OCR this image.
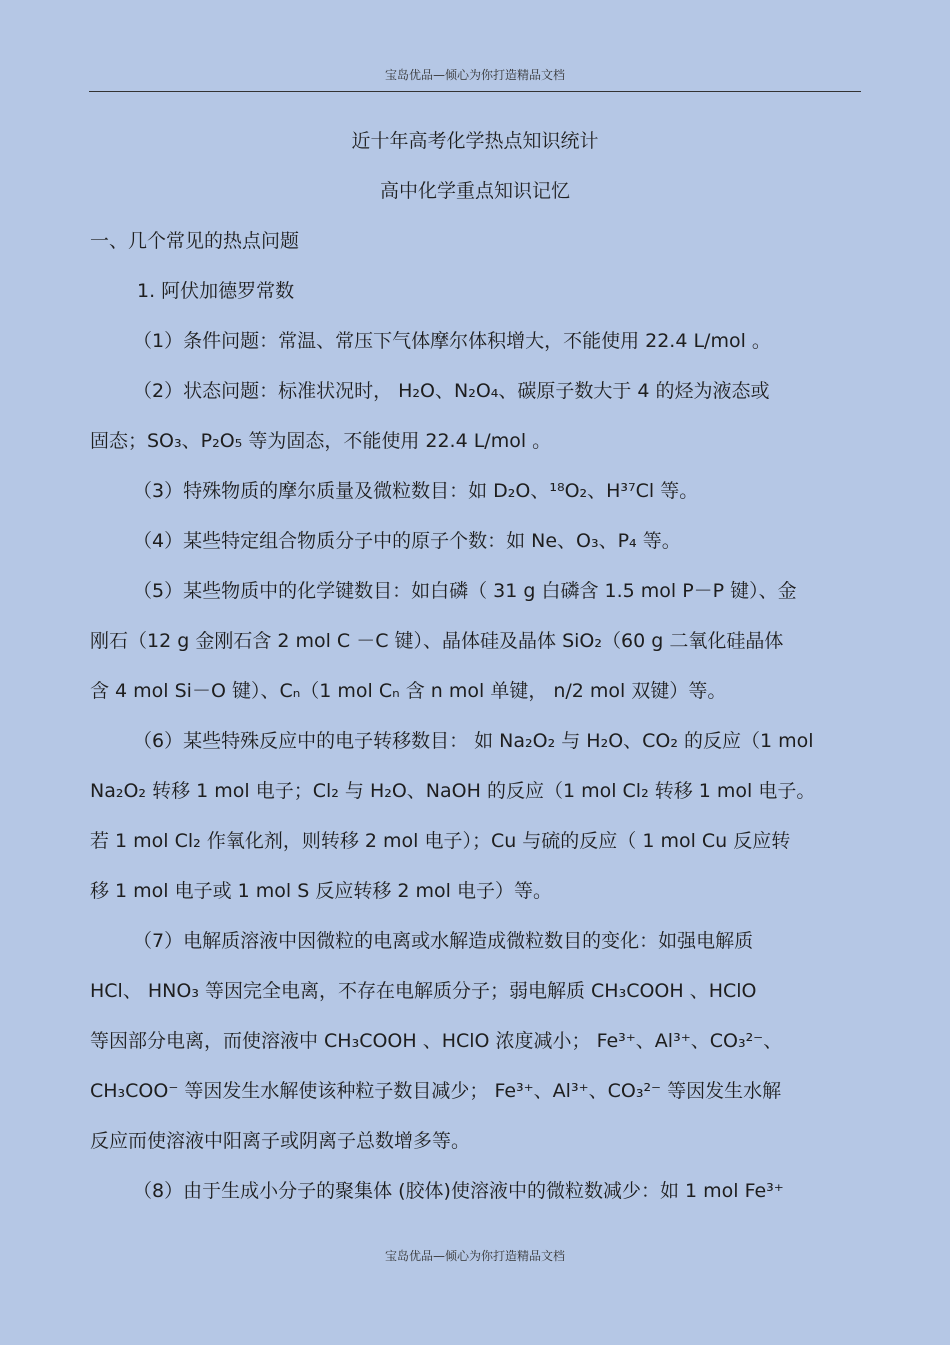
宝岛优品—倾心为你打造精品文档
近十年高考化学热点知识统计
高中化学重点知识记忆
一、几个常见的热点问题
1. 阿伏加德罗常数
（1）条件问题：常温、常压下气体摩尔体积增大，不能使用 22.4 L/mol 。
（2）状态问题：标准状况时， H₂O、N₂O₄、碳原子数大于 4 的烃为液态或
固态；SO₃、P₂O₅ 等为固态，不能使用 22.4 L/mol 。
（3）特殊物质的摩尔质量及微粒数目：如 D₂O、¹⁸O₂、H³⁷Cl 等。
（4）某些特定组合物质分子中的原子个数：如 Ne、O₃、P₄ 等。
（5）某些物质中的化学键数目：如白磷（ 31 g 白磷含 1.5 mol P－P 键）、金
刚石（12 g 金刚石含 2 mol C －C 键）、晶体硅及晶体 SiO₂（60 g 二氧化硅晶体
含 4 mol Si－O 键）、Cₙ（1 mol Cₙ 含 n mol 单键， n/2 mol 双键）等。
（6）某些特殊反应中的电子转移数目： 如 Na₂O₂ 与 H₂O、CO₂ 的反应（1 mol
Na₂O₂ 转移 1 mol 电子；Cl₂ 与 H₂O、NaOH 的反应（1 mol Cl₂ 转移 1 mol 电子。
若 1 mol Cl₂ 作氧化剂，则转移 2 mol 电子）；Cu 与硫的反应（ 1 mol Cu 反应转
移 1 mol 电子或 1 mol S 反应转移 2 mol 电子）等。
（7）电解质溶液中因微粒的电离或水解造成微粒数目的变化：如强电解质
HCl、 HNO₃ 等因完全电离，不存在电解质分子；弱电解质 CH₃COOH 、HClO
等因部分电离，而使溶液中 CH₃COOH 、HClO 浓度减小； Fe³⁺、Al³⁺、CO₃²⁻、
CH₃COO⁻ 等因发生水解使该种粒子数目减少； Fe³⁺、Al³⁺、CO₃²⁻ 等因发生水解
反应而使溶液中阳离子或阴离子总数增多等。
（8）由于生成小分子的聚集体 (胶体)使溶液中的微粒数减少：如 1 mol Fe³⁺
宝岛优品—倾心为你打造精品文档
